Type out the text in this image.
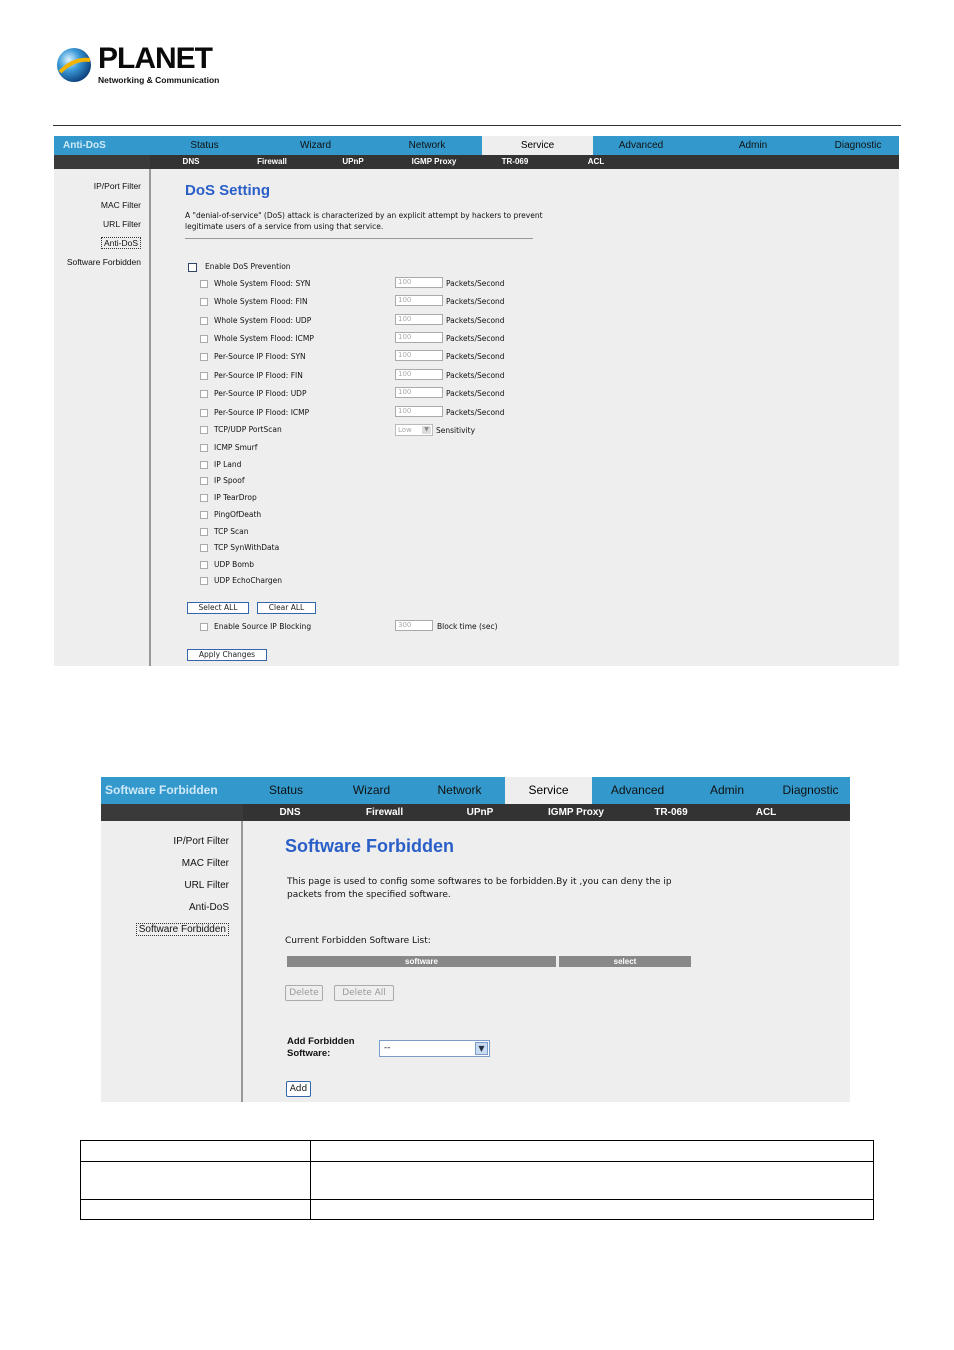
PLANET
Networking & Communication
Anti-DoS	Status	Wizard	Network	Service	Advanced	Admin	Diagnostic
DNS	Firewall	UPnP	IGMP Proxy	TR-069	ACL
IP/Port Filter
MAC Filter
URL Filter
Anti-DoS
Software Forbidden
DoS Setting
A "denial-of-service" (DoS) attack is characterized by an explicit attempt by hackers to prevent legitimate users of a service from using that service.
Enable DoS Prevention
Whole System Flood: SYN	100	Packets/Second
Whole System Flood: FIN	100	Packets/Second
Whole System Flood: UDP	100	Packets/Second
Whole System Flood: ICMP	100	Packets/Second
Per-Source IP Flood: SYN	100	Packets/Second
Per-Source IP Flood: FIN	100	Packets/Second
Per-Source IP Flood: UDP	100	Packets/Second
Per-Source IP Flood: ICMP	100	Packets/Second
TCP/UDP PortScan	Low	▼ Sensitivity
ICMP Smurf
IP Land
IP Spoof
IP TearDrop
PingOfDeath
TCP Scan
TCP SynWithData
UDP Bomb
UDP EchoChargen
Select ALL	Clear ALL
Enable Source IP Blocking	300	Block time (sec)
Apply Changes
Software Forbidden	Status	Wizard	Network	Service	Advanced	Admin	Diagnostic
DNS	Firewall	UPnP	IGMP Proxy	TR-069	ACL
IP/Port Filter
MAC Filter
URL Filter
Anti-DoS
Software Forbidden
Software Forbidden
This page is used to config some softwares to be forbidden.By it ,you can deny the ip packets from the specified software.
Current Forbidden Software List:
software	select
Delete	Delete All
Add Forbidden Software:	--	▼
Add
